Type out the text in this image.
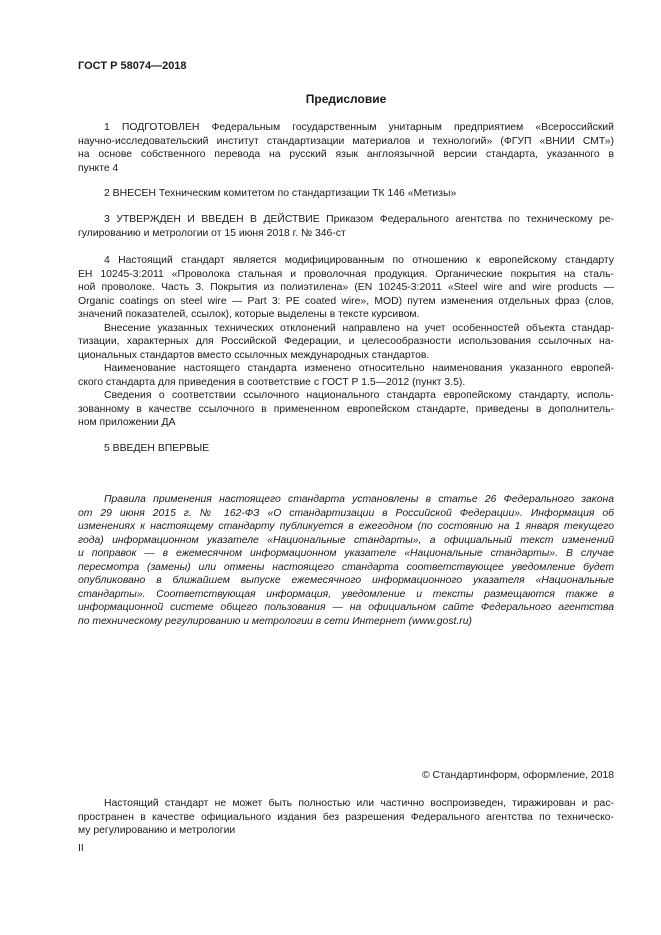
ГОСТ Р 58074—2018
Предисловие
1 ПОДГОТОВЛЕН Федеральным государственным унитарным предприятием «Всероссийский
научно-исследовательский институт стандартизации материалов и технологий» (ФГУП «ВНИИ СМТ»)
на основе собственного перевода на русский язык англоязычной версии стандарта, указанного в
пункте 4
2 ВНЕСЕН Техническим комитетом по стандартизации ТК 146 «Метизы»
3 УТВЕРЖДЕН И ВВЕДЕН В ДЕЙСТВИЕ Приказом Федерального агентства по техническому ре-
гулированию и метрологии от 15 июня 2018 г. № 346-ст
4 Настоящий стандарт является модифицированным по отношению к европейскому стандарту
ЕН 10245-3:2011 «Проволока стальная и проволочная продукция. Органические покрытия на сталь-
ной проволоке. Часть 3. Покрытия из полиэтилена» (EN 10245-3:2011 «Steel wire and wire products —
Organic coatings on steel wire — Part 3: PE coated wire», MOD) путем изменения отдельных фраз (слов,
значений показателей, ссылок), которые выделены в тексте курсивом.
Внесение указанных технических отклонений направлено на учет особенностей объекта стандар-
тизации, характерных для Российской Федерации, и целесообразности использования ссылочных на-
циональных стандартов вместо ссылочных международных стандартов.
Наименование настоящего стандарта изменено относительно наименования указанного европей-
ского стандарта для приведения в соответствие с ГОСТ Р 1.5—2012 (пункт 3.5).
Сведения о соответствии ссылочного национального стандарта европейскому стандарту, исполь-
зованному в качестве ссылочного в примененном европейском стандарте, приведены в дополнитель-
ном приложении ДА
5 ВВЕДЕН ВПЕРВЫЕ
Правила применения настоящего стандарта установлены в статье 26 Федерального закона
от 29 июня 2015 г. № 162-ФЗ «О стандартизации в Российской Федерации». Информация об
изменениях к настоящему стандарту публикуется в ежегодном (по состоянию на 1 января текущего
года) информационном указателе «Национальные стандарты», а официальный текст изменений
и поправок — в ежемесячном информационном указателе «Национальные стандарты». В случае
пересмотра (замены) или отмены настоящего стандарта соответствующее уведомление будет
опубликовано в ближайшем выпуске ежемесячного информационного указателя «Национальные
стандарты». Соответствующая информация, уведомление и тексты размещаются также в
информационной системе общего пользования — на официальном сайте Федерального агентства
по техническому регулированию и метрологии в сети Интернет (www.gost.ru)
© Стандартинформ, оформление, 2018
Настоящий стандарт не может быть полностью или частично воспроизведен, тиражирован и рас-
пространен в качестве официального издания без разрешения Федерального агентства по техническо-
му регулированию и метрологии
II
